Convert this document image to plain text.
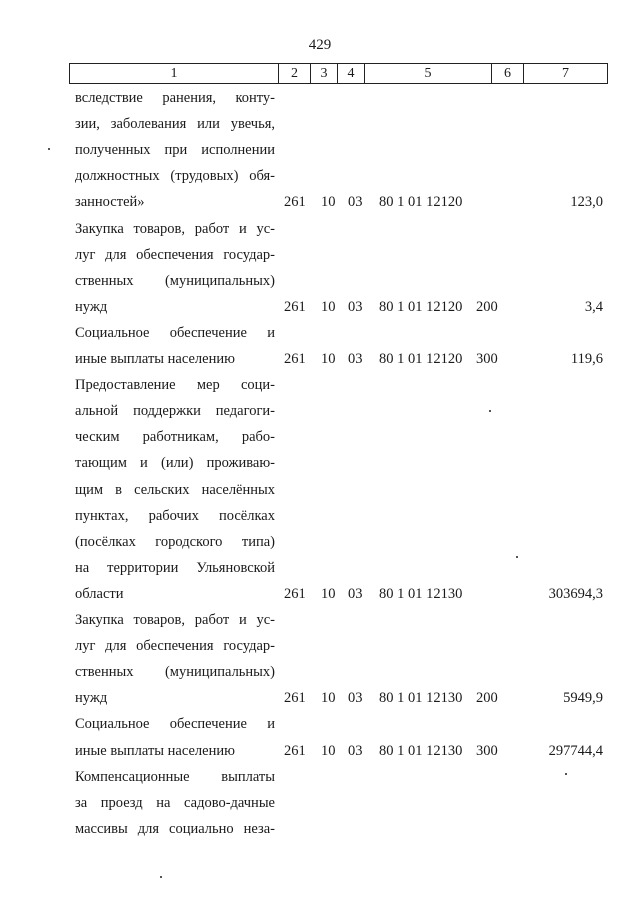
429
1	2	3	4	5	6	7
вследствие ранения, конту-
зии, заболевания или увечья,
полученных при исполнении
должностных (трудовых) обя-
занностей»	261 10 03 80 1 01 12120	123,0
Закупка товаров, работ и ус-
луг для обеспечения государ-
ственных (муниципальных)
нужд	261 10 03 80 1 01 12120 200	3,4
Социальное обеспечение и
иные выплаты населению	261 10 03 80 1 01 12120 300	119,6
Предоставление мер соци-
альной поддержки педагоги-
ческим работникам, рабо-
тающим и (или) проживаю-
щим в сельских населённых
пунктах, рабочих посёлках
(посёлках городского типа)
на территории Ульяновской
области	261 10 03 80 1 01 12130	303694,3
Закупка товаров, работ и ус-
луг для обеспечения государ-
ственных (муниципальных)
нужд	261 10 03 80 1 01 12130 200	5949,9
Социальное обеспечение и
иные выплаты населению	261 10 03 80 1 01 12130 300	297744,4
Компенсационные выплаты
за проезд на садово-дачные
массивы для социально неза-
